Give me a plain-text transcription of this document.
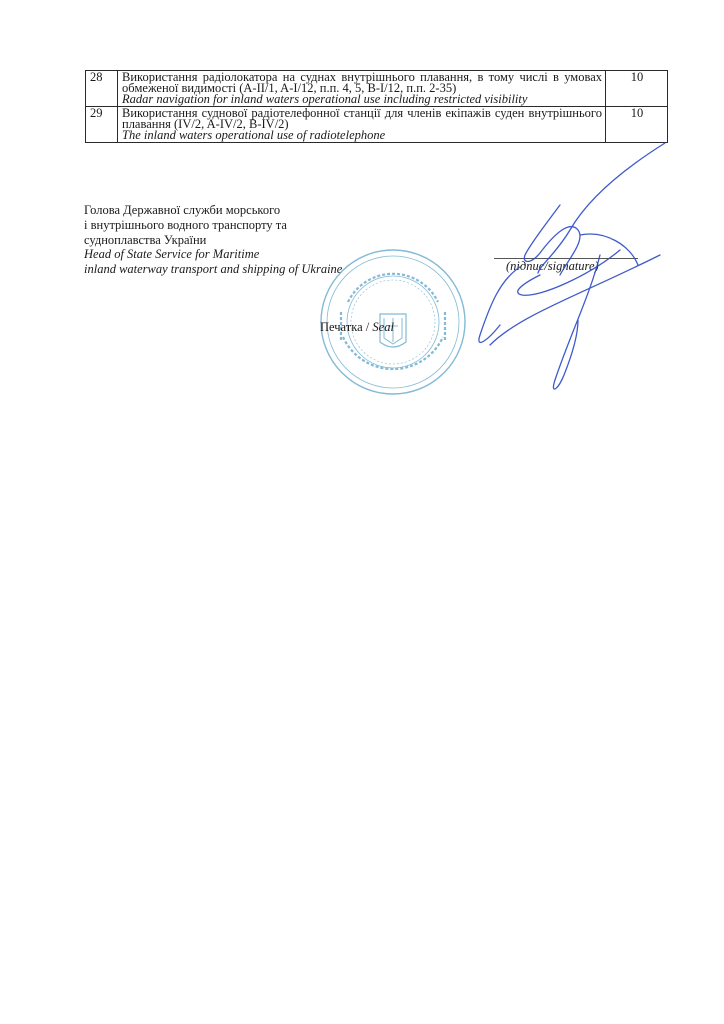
28	Використання радіолокатора на суднах внутрішнього плавання, в тому числі в умовах обмеженої видимості (A-II/1, A-I/12, п.п. 4, 5, B-I/12, п.п. 2-35)
Radar navigation for inland waters operational use including restricted visibility	10
29	Використання суднової радіотелефонної станції для членів екіпажів суден внутрішнього плавання (IV/2, A-IV/2, B-IV/2)
The inland waters operational use of radiotelephone	10
Голова Державної служби морського
і внутрішнього водного транспорту та
судноплавства України
Head of State Service for Maritime
inland waterway transport and shipping of Ukraine	(підпис/signature)
Печатка / Seal
